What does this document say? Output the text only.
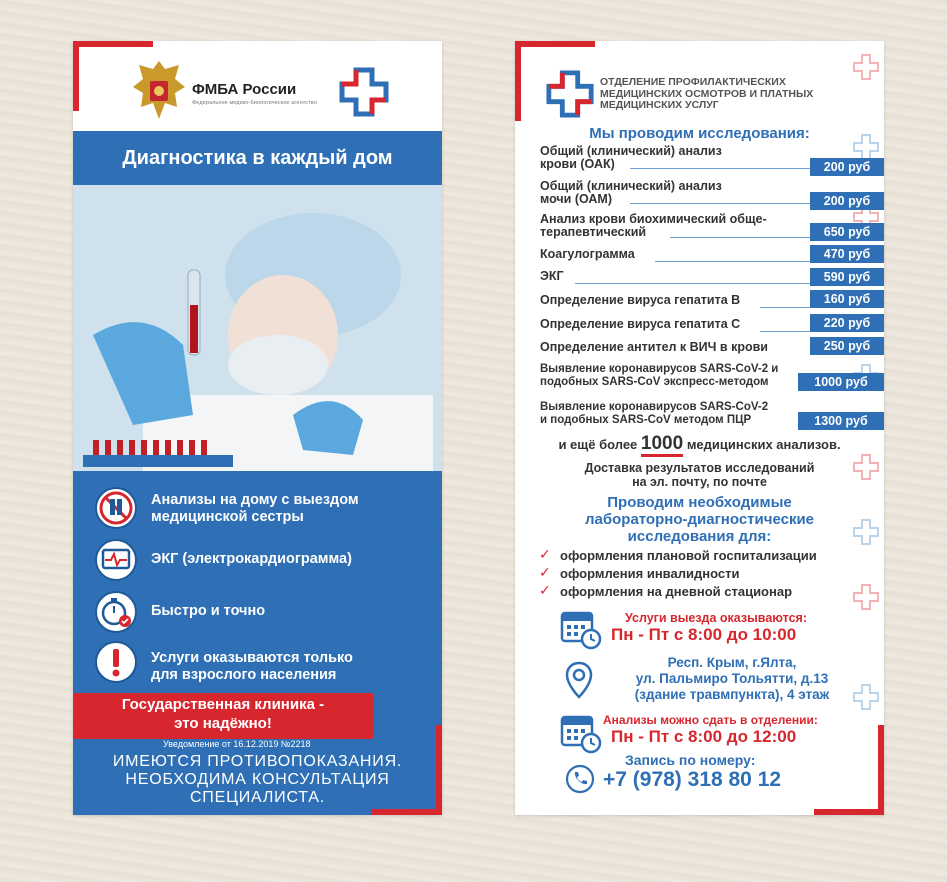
ФМБА России
Федеральное медико-биологическое агентство
Диагностика в каждый дом
Анализы на дому с выездом
медицинской сестры
ЭКГ (электрокардиограмма)
Быстро и точно
Услуги оказываются только
для взрослого населения
Государственная клиника -
это надёжно!
Уведомление от 16.12.2019 №2218
ИМЕЮТСЯ ПРОТИВОПОКАЗАНИЯ.
НЕОБХОДИМА КОНСУЛЬТАЦИЯ СПЕЦИАЛИСТА.
ОТДЕЛЕНИЕ ПРОФИЛАКТИЧЕСКИХ
МЕДИЦИНСКИХ ОСМОТРОВ И ПЛАТНЫХ
МЕДИЦИНСКИХ УСЛУГ
Мы проводим исследования:
Общий (клинический) анализ
крови (ОАК)	200 руб
Общий (клинический) анализ
мочи (ОАМ)	200 руб
Анализ крови биохимический обще-
терапевтический	650 руб
Коагулограмма	470 руб
ЭКГ	590 руб
Определение вируса гепатита В	160 руб
Определение вируса гепатита С	220 руб
Определение антител к ВИЧ в крови	250 руб
Выявление коронавирусов SARS-CoV-2 и
подобных SARS-CoV экспресс-методом	1000 руб
Выявление коронавирусов SARS-CoV-2
и подобных SARS-CoV методом ПЦР	1300 руб
и ещё более 1000 медицинских анализов.
Доставка результатов исследований
на эл. почту, по почте
Проводим необходимые
лабораторно-диагностические
исследования для:
✓ оформления плановой госпитализации
✓ оформления инвалидности
✓ оформления на дневной стационар
Услуги выезда оказываются:
Пн - Пт с 8:00 до 10:00
Респ. Крым, г.Ялта,
ул. Пальмиро Тольятти, д.13
(здание травмпункта), 4 этаж
Анализы можно сдать в отделении:
Пн - Пт с 8:00 до 12:00
Запись по номеру:
+7 (978) 318 80 12
